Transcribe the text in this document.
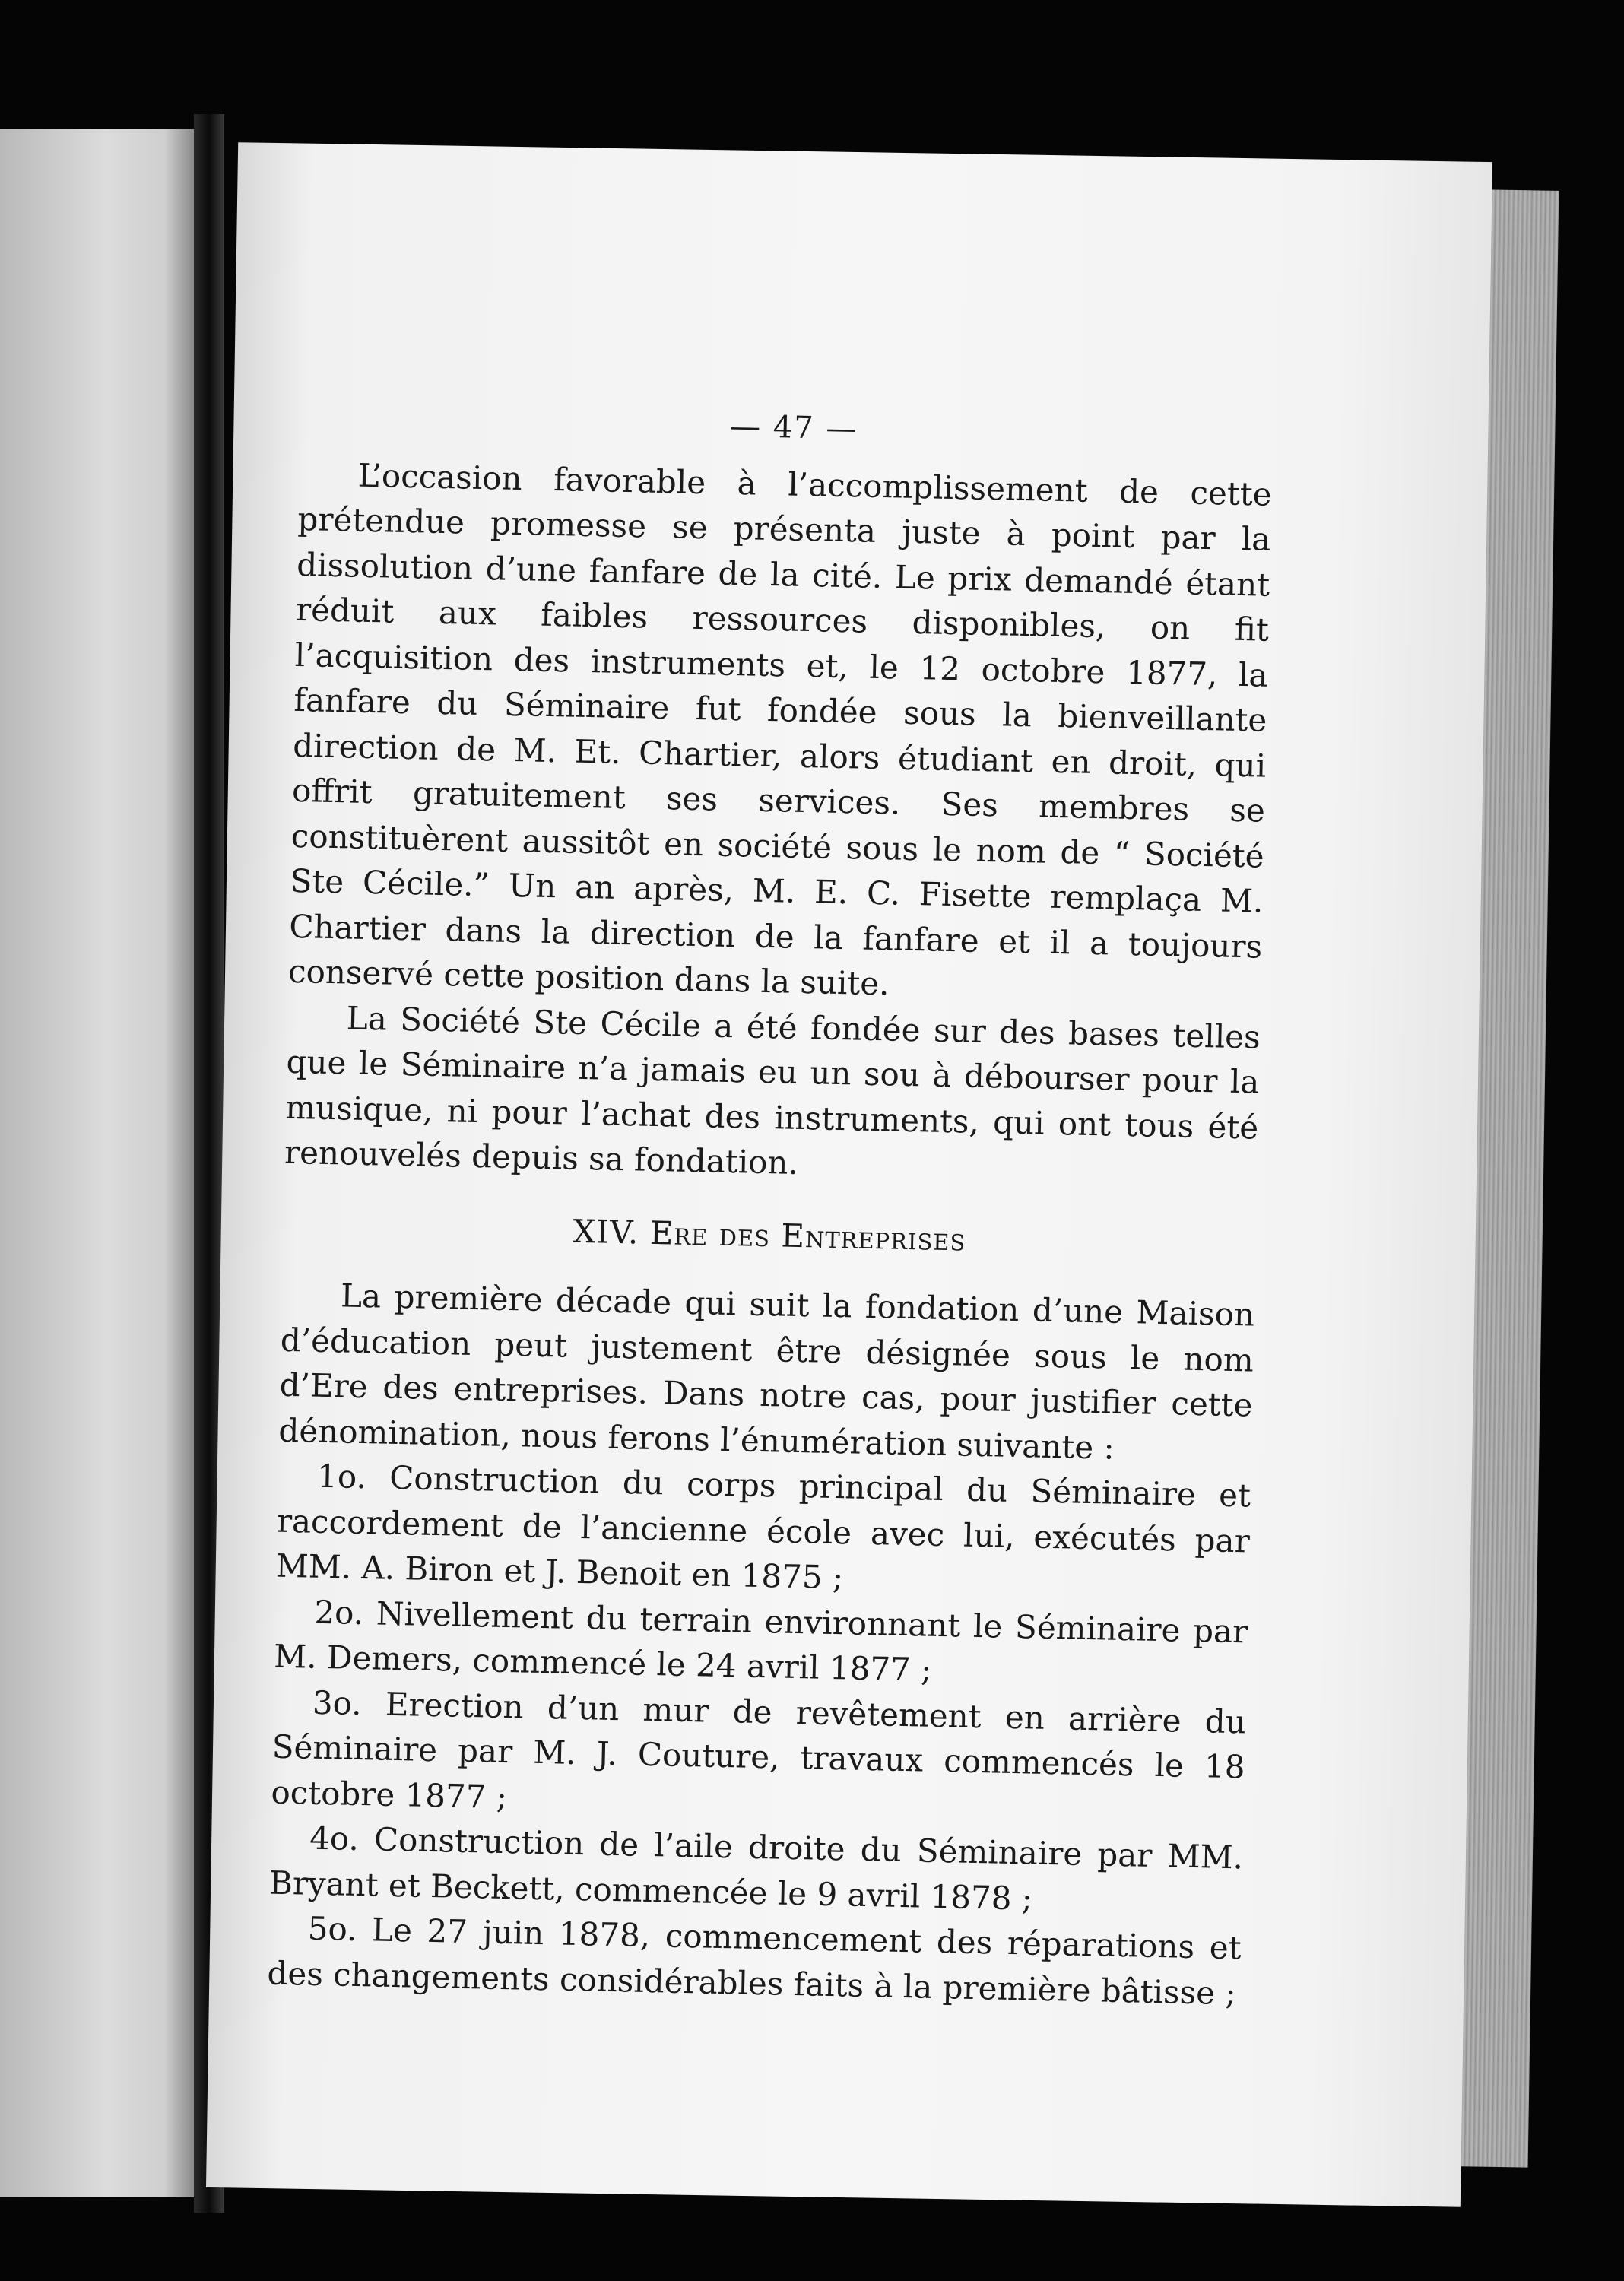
— 47 —

L’occasion favorable à l’accomplissement de cette prétendue promesse se présenta juste à point par la dissolution d’une fanfare de la cité. Le prix demandé étant réduit aux faibles ressources disponibles, on fit l’acquisition des instruments et, le 12 octobre 1877, la fanfare du Séminaire fut fondée sous la bienveillante direction de M. Et. Chartier, alors étudiant en droit, qui offrit gratuitement ses services. Ses membres se constituèrent aussitôt en société sous le nom de “ Société Ste Cécile.” Un an après, M. E. C. Fisette remplaça M. Chartier dans la direction de la fanfare et il a toujours conservé cette position dans la suite.

La Société Ste Cécile a été fondée sur des bases telles que le Séminaire n’a jamais eu un sou à débourser pour la musique, ni pour l’achat des instruments, qui ont tous été renouvelés depuis sa fondation.

XIV. Ere des Entreprises

La première décade qui suit la fondation d’une Maison d’éducation peut justement être désignée sous le nom d’Ere des entreprises. Dans notre cas, pour justifier cette dénomination, nous ferons l’énumération suivante :

1o. Construction du corps principal du Séminaire et raccordement de l’ancienne école avec lui, exécutés par MM. A. Biron et J. Benoit en 1875 ;

2o. Nivellement du terrain environnant le Séminaire par M. Demers, commencé le 24 avril 1877 ;

3o. Erection d’un mur de revêtement en arrière du Séminaire par M. J. Couture, travaux commencés le 18 octobre 1877 ;

4o. Construction de l’aile droite du Séminaire par MM. Bryant et Beckett, commencée le 9 avril 1878 ;

5o. Le 27 juin 1878, commencement des réparations et des changements considérables faits à la première bâtisse ;
